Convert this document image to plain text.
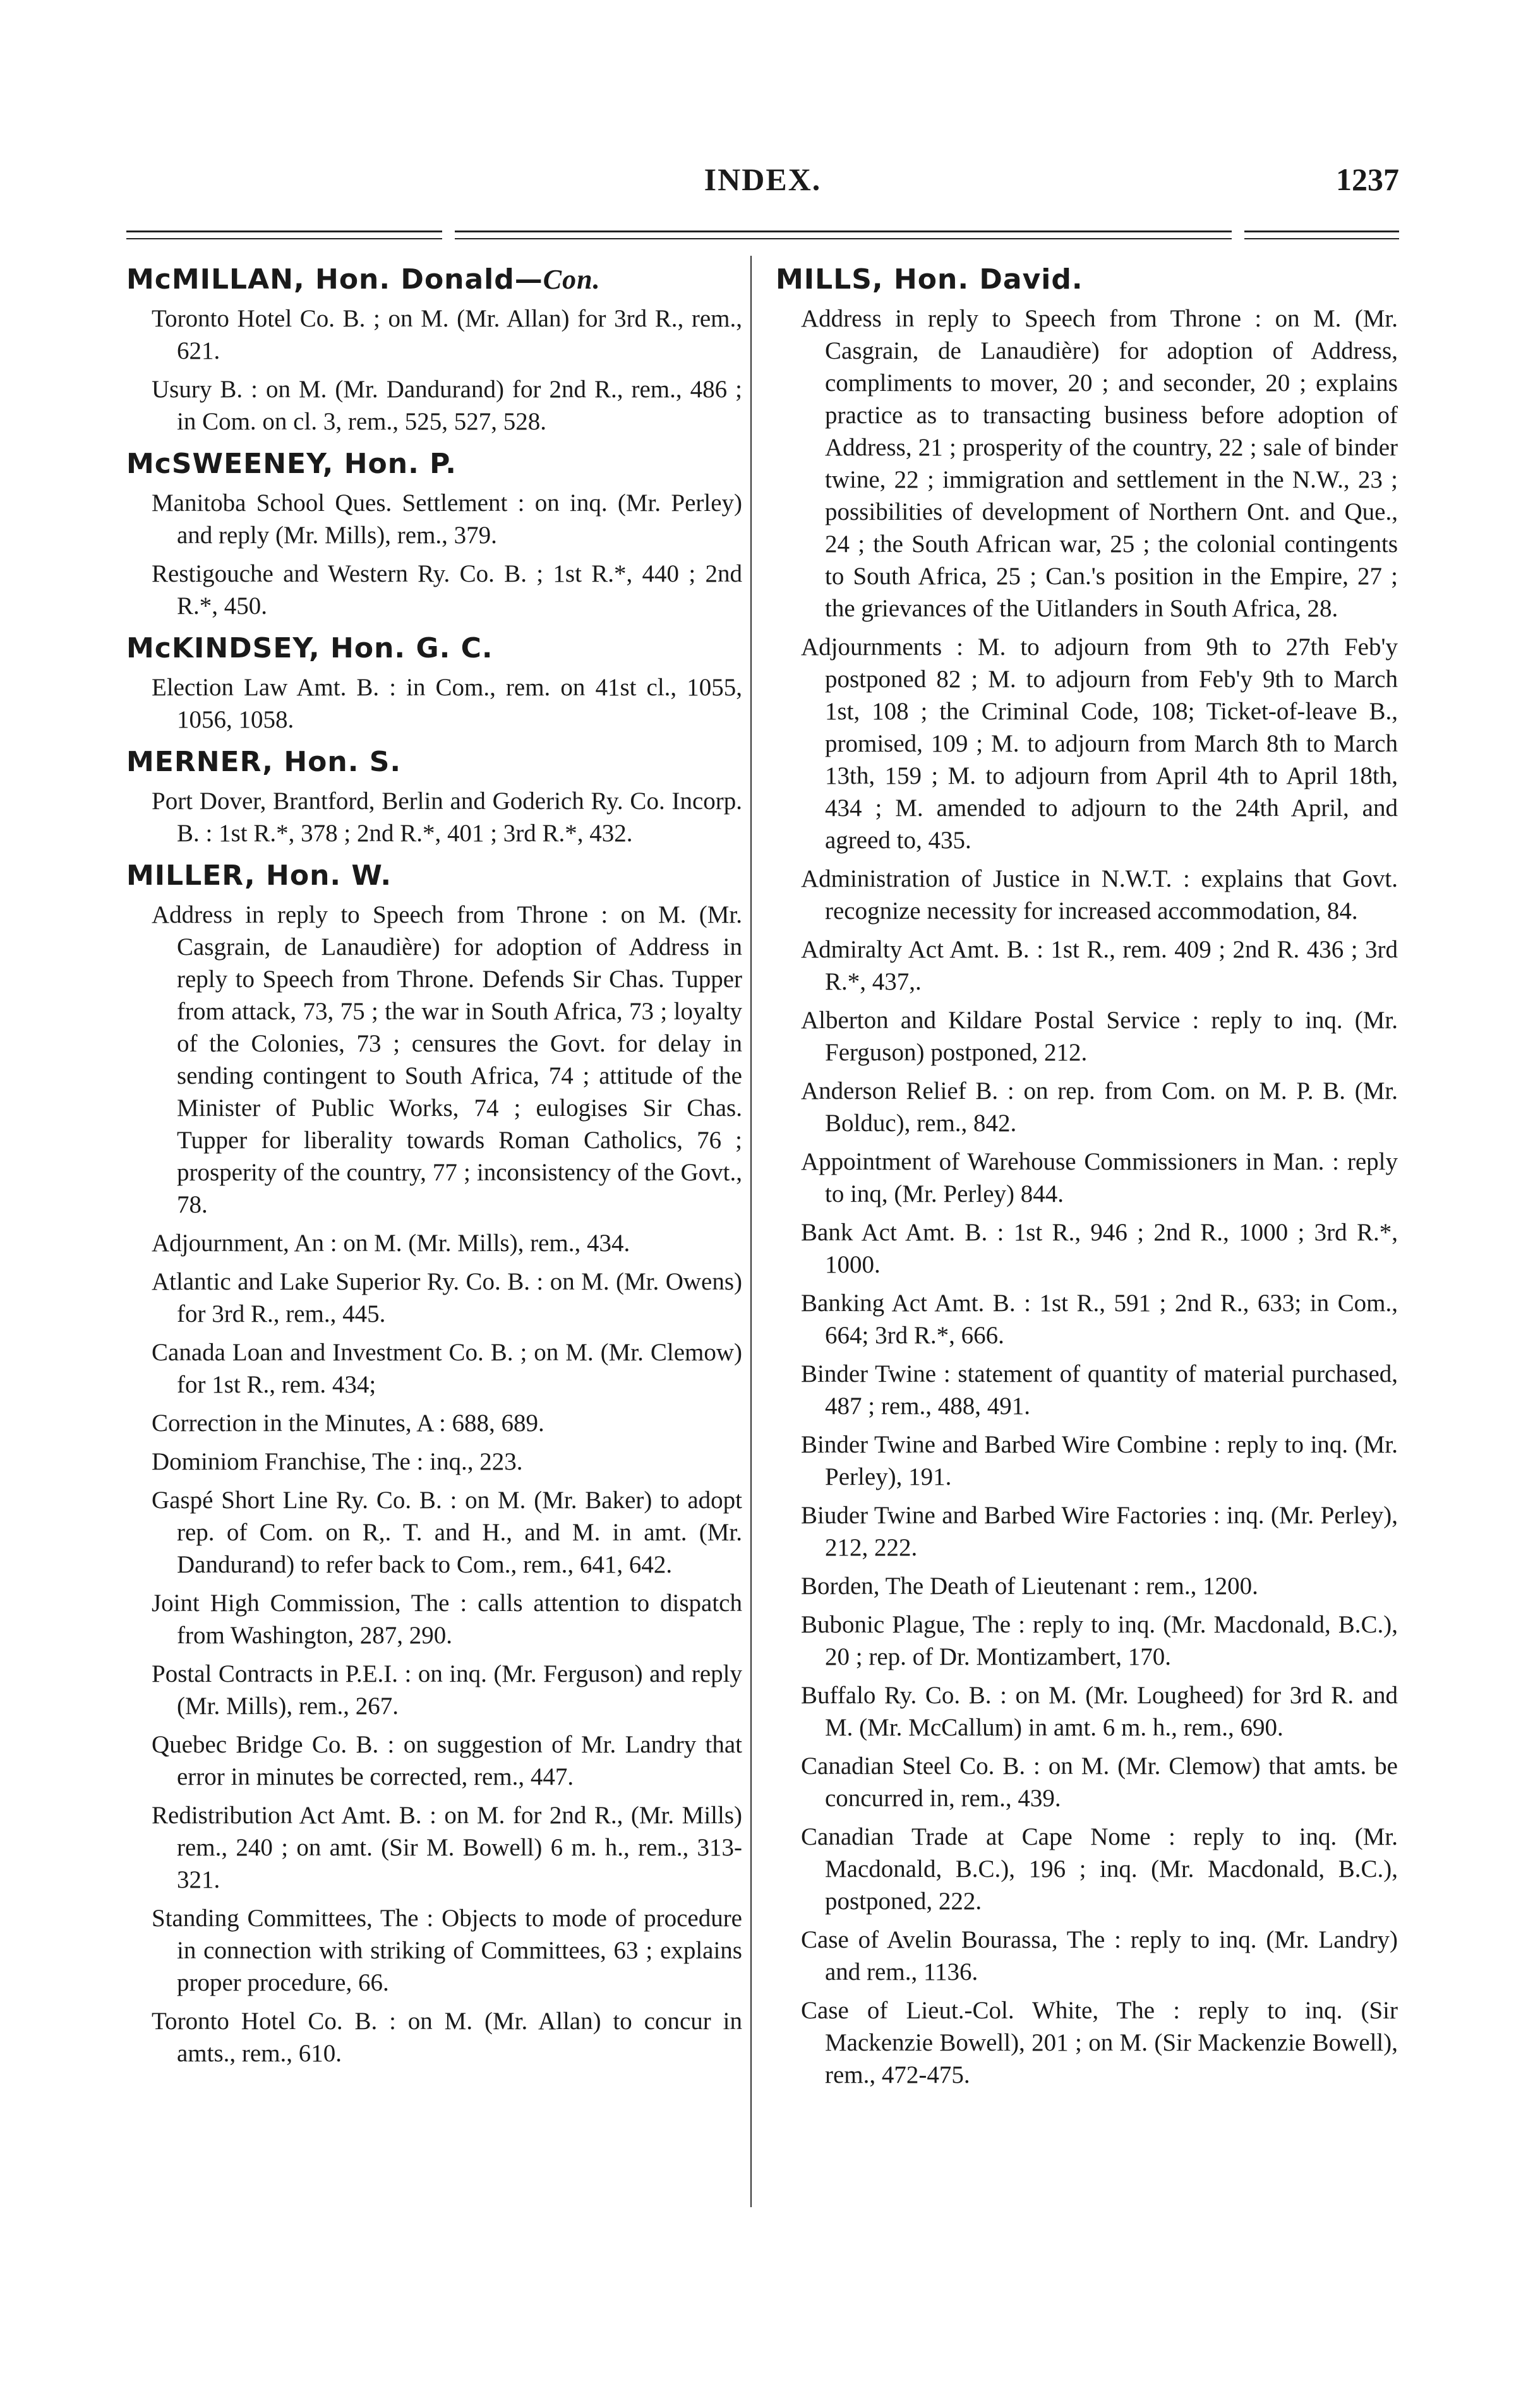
INDEX.	1237
McMILLAN, Hon. Donald—Con.

Toronto Hotel Co. B. ; on M. (Mr. Allan) for 3rd R., rem., 621.

Usury B. : on M. (Mr. Dandurand) for 2nd R., rem., 486 ; in Com. on cl. 3, rem., 525, 527, 528.

McSWEENEY, Hon. P.

Manitoba School Ques. Settlement : on inq. (Mr. Perley) and reply (Mr. Mills), rem., 379.

Restigouche and Western Ry. Co. B. ; 1st R.*, 440 ; 2nd R.*, 450.

McKINDSEY, Hon. G. C.

Election Law Amt. B. : in Com., rem. on 41st cl., 1055, 1056, 1058.

MERNER, Hon. S.

Port Dover, Brantford, Berlin and Goderich Ry. Co. Incorp. B. : 1st R.*, 378 ; 2nd R.*, 401 ; 3rd R.*, 432.

MILLER, Hon. W.

Address in reply to Speech from Throne : on M. (Mr. Casgrain, de Lanaudière) for adoption of Address in reply to Speech from Throne. Defends Sir Chas. Tupper from attack, 73, 75 ; the war in South Africa, 73 ; loyalty of the Colonies, 73 ; censures the Govt. for delay in sending contingent to South Africa, 74 ; attitude of the Minister of Public Works, 74 ; eulogises Sir Chas. Tupper for liberality towards Roman Catholics, 76 ; prosperity of the country, 77 ; inconsistency of the Govt., 78.

Adjournment, An : on M. (Mr. Mills), rem., 434.

Atlantic and Lake Superior Ry. Co. B. : on M. (Mr. Owens) for 3rd R., rem., 445.

Canada Loan and Investment Co. B. ; on M. (Mr. Clemow) for 1st R., rem. 434;

Correction in the Minutes, A : 688, 689.

Dominiom Franchise, The : inq., 223.

Gaspé Short Line Ry. Co. B. : on M. (Mr. Baker) to adopt rep. of Com. on R,. T. and H., and M. in amt. (Mr. Dandurand) to refer back to Com., rem., 641, 642.

Joint High Commission, The : calls attention to dispatch from Washington, 287, 290.

Postal Contracts in P.E.I. : on inq. (Mr. Ferguson) and reply (Mr. Mills), rem., 267.

Quebec Bridge Co. B. : on suggestion of Mr. Landry that error in minutes be corrected, rem., 447.

Redistribution Act Amt. B. : on M. for 2nd R., (Mr. Mills) rem., 240 ; on amt. (Sir M. Bowell) 6 m. h., rem., 313-321.

Standing Committees, The : Objects to mode of procedure in connection with striking of Committees, 63 ; explains proper procedure, 66.

Toronto Hotel Co. B. : on M. (Mr. Allan) to concur in amts., rem., 610.

MILLS, Hon. David.

Address in reply to Speech from Throne : on M. (Mr. Casgrain, de Lanaudière) for adoption of Address, compliments to mover, 20 ; and seconder, 20 ; explains practice as to transacting business before adoption of Address, 21 ; prosperity of the country, 22 ; sale of binder twine, 22 ; immigration and settlement in the N.W., 23 ; possibilities of development of Northern Ont. and Que., 24 ; the South African war, 25 ; the colonial contingents to South Africa, 25 ; Can.'s position in the Empire, 27 ; the grievances of the Uitlanders in South Africa, 28.

Adjournments : M. to adjourn from 9th to 27th Feb'y postponed 82 ; M. to adjourn from Feb'y 9th to March 1st, 108 ; the Criminal Code, 108; Ticket-of-leave B., promised, 109 ; M. to adjourn from March 8th to March 13th, 159 ; M. to adjourn from April 4th to April 18th, 434 ; M. amended to adjourn to the 24th April, and agreed to, 435.

Administration of Justice in N.W.T. : explains that Govt. recognize necessity for increased accommodation, 84.

Admiralty Act Amt. B. : 1st R., rem. 409 ; 2nd R. 436 ; 3rd R.*, 437,.

Alberton and Kildare Postal Service : reply to inq. (Mr. Ferguson) postponed, 212.

Anderson Relief B. : on rep. from Com. on M. P. B. (Mr. Bolduc), rem., 842.

Appointment of Warehouse Commissioners in Man. : reply to inq, (Mr. Perley) 844.

Bank Act Amt. B. : 1st R., 946 ; 2nd R., 1000 ; 3rd R.*, 1000.

Banking Act Amt. B. : 1st R., 591 ; 2nd R., 633; in Com., 664; 3rd R.*, 666.

Binder Twine : statement of quantity of material purchased, 487 ; rem., 488, 491.

Binder Twine and Barbed Wire Combine : reply to inq. (Mr. Perley), 191.

Biuder Twine and Barbed Wire Factories : inq. (Mr. Perley), 212, 222.

Borden, The Death of Lieutenant : rem., 1200.

Bubonic Plague, The : reply to inq. (Mr. Macdonald, B.C.), 20 ; rep. of Dr. Montizambert, 170.

Buffalo Ry. Co. B. : on M. (Mr. Lougheed) for 3rd R. and M. (Mr. McCallum) in amt. 6 m. h., rem., 690.

Canadian Steel Co. B. : on M. (Mr. Clemow) that amts. be concurred in, rem., 439.

Canadian Trade at Cape Nome : reply to inq. (Mr. Macdonald, B.C.), 196 ; inq. (Mr. Macdonald, B.C.), postponed, 222.

Case of Avelin Bourassa, The : reply to inq. (Mr. Landry) and rem., 1136.

Case of Lieut.-Col. White, The : reply to inq. (Sir Mackenzie Bowell), 201 ; on M. (Sir Mackenzie Bowell), rem., 472-475.
